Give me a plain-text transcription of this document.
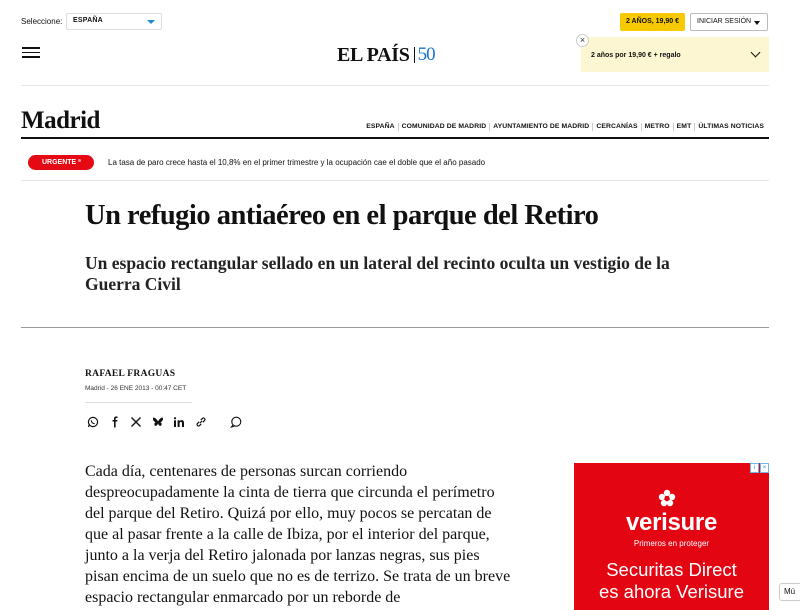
Seleccione: ESPAÑA	2 AÑOS, 19,90 €	INICIAR SESIÓN
EL PAÍS 50	2 años por 19,90 € + regalo
×
Madrid	ESPAÑA	COMUNIDAD DE MADRID	AYUNTAMIENTO DE MADRID	CERCANÍAS	METRO	EMT	ÚLTIMAS NOTICIAS
URGENTE	La tasa de paro crece hasta el 10,8% en el primer trimestre y la ocupación cae el doble que el año pasado
Un refugio antiaéreo en el parque del Retiro
Un espacio rectangular sellado en un lateral del recinto oculta un vestigio de la Guerra Civil
RAFAEL FRAGUAS
Madrid - 26 ENE 2013 - 00:47 CET

Cada día, centenares de personas surcan corriendo despreocupadamente la cinta de tierra que circunda el perímetro del parque del Retiro. Quizá por ello, muy pocos se percatan de que al pasar frente a la calle de Ibiza, por el interior del parque, junto a la verja del Retiro jalonada por lanzas negras, sus pies pisan encima de un suelo que no es de terrizo. Se trata de un breve espacio rectangular enmarcado por un reborde de

i	×
verisure
Primeros en proteger
Securitas Direct
es ahora Verisure	Mú
